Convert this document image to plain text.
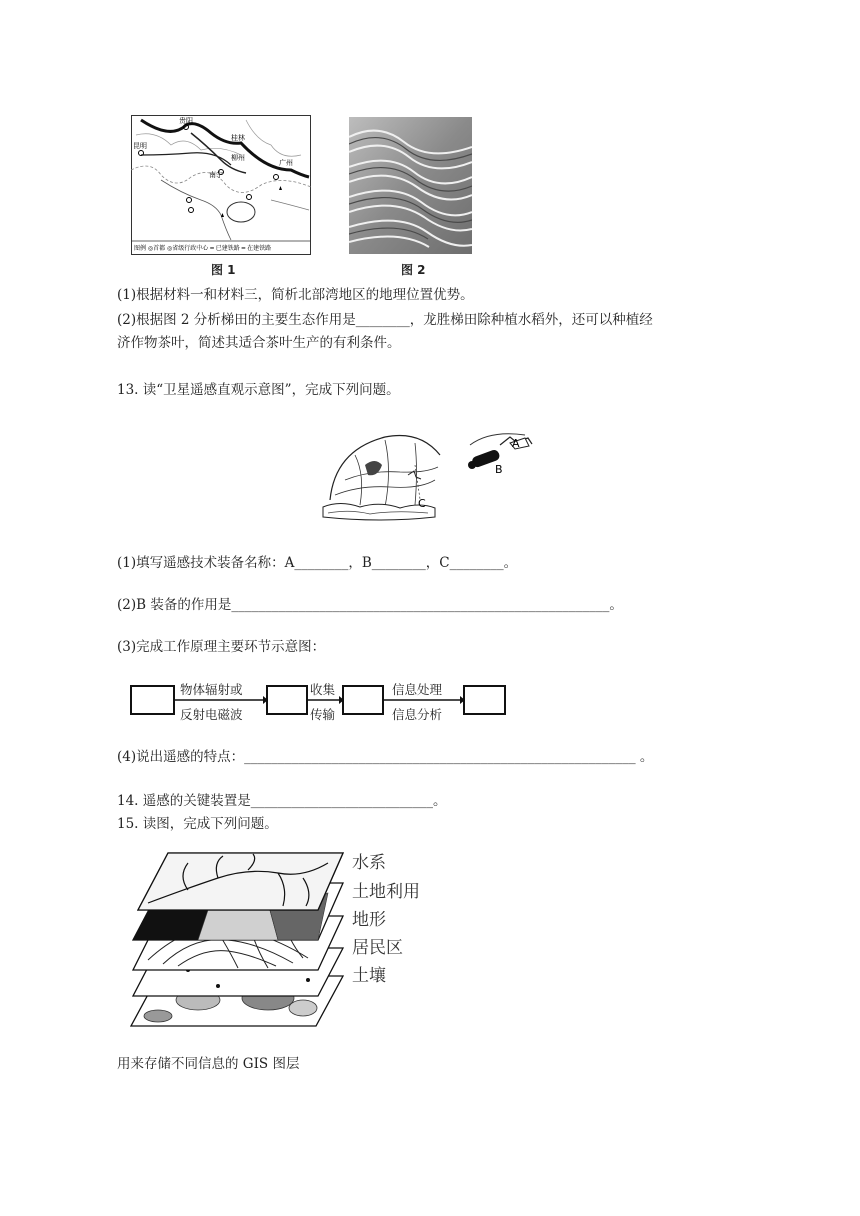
贵阳
桂林
昆明
柳州
广州
南宁
图例 ◎首都 ◎省级行政中心 ━ 已建铁路 ━ 在建铁路
图 1	图 2
(1)根据材料一和材料三，简析北部湾地区的地理位置优势。
(2)根据图 2 分析梯田的主要生态作用是________，龙胜梯田除种植水稻外，还可以种植经
济作物茶叶，简述其适合茶叶生产的有利条件。
13. 读“卫星遥感直观示意图”，完成下列问题。
C
A
B
(1)填写遥感技术装备名称：A________，B________，C________。
(2)B 装备的作用是________________________________________________________。
(3)完成工作原理主要环节示意图：
物体辐射或
反射电磁波
收集
传输
信息处理
信息分析
(4)说出遥感的特点：__________________________________________________________ 。
14. 遥感的关键装置是___________________________。
15. 读图，完成下列问题。
水系
土地利用
地形
居民区
土壤
用来存储不同信息的 GIS 图层
